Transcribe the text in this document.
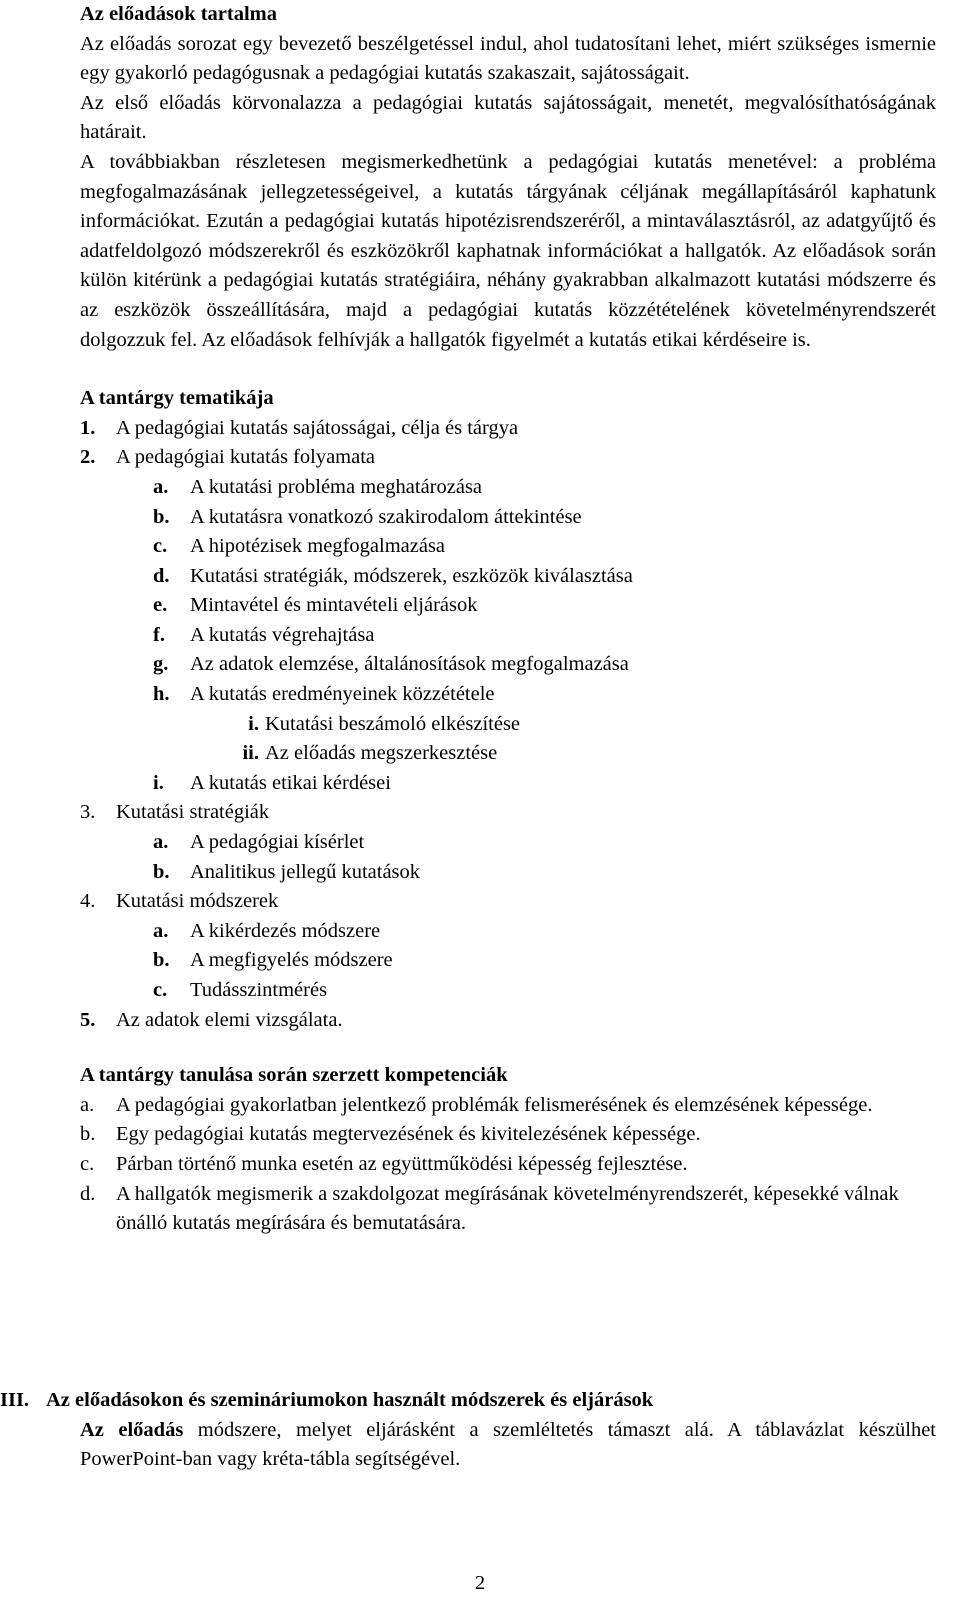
Az előadások tartalma
Az előadás sorozat egy bevezető beszélgetéssel indul, ahol tudatosítani lehet, miért szükséges ismernie egy gyakorló pedagógusnak a pedagógiai kutatás szakaszait, sajátosságait.
Az első előadás körvonalazza a pedagógiai kutatás sajátosságait, menetét, megvalósíthatóságának határait.
A továbbiakban részletesen megismerkedhetünk a pedagógiai kutatás menetével: a probléma megfogalmazásának jellegzetességeivel, a kutatás tárgyának céljának megállapításáról kaphatunk információkat. Ezután a pedagógiai kutatás hipotézisrendszeréről, a mintaválasztásról, az adatgyűjtő és adatfeldolgozó módszerekről és eszközökről kaphatnak információkat a hallgatók. Az előadások során külön kitérünk a pedagógiai kutatás stratégiáira, néhány gyakrabban alkalmazott kutatási módszerre és az eszközök összeállítására, majd a pedagógiai kutatás közzétételének követelményrendszerét dolgozzuk fel. Az előadások felhívják a hallgatók figyelmét a kutatás etikai kérdéseire is.
A tantárgy tematikája
1.	A pedagógiai kutatás sajátosságai, célja és tárgya
2.	A pedagógiai kutatás folyamata
a.	A kutatási probléma meghatározása
b. A kutatásra vonatkozó szakirodalom áttekintése
c.	A hipotézisek megfogalmazása
d. Kutatási stratégiák, módszerek, eszközök kiválasztása
e.	Mintavétel és mintavételi eljárások
f.	A kutatás végrehajtása
g.	Az adatok elemzése, általánosítások megfogalmazása
h. A kutatás eredményeinek közzététele
i. Kutatási beszámoló elkészítése
ii. Az előadás megszerkesztése
i.	A kutatás etikai kérdései
3.	Kutatási stratégiák
a.	A pedagógiai kísérlet
b. Analitikus jellegű kutatások
4.	Kutatási módszerek
a.	A kikérdezés módszere
b. A megfigyelés módszere
c.	Tudásszintmérés
5.	Az adatok elemi vizsgálata.
A tantárgy tanulása során szerzett kompetenciák
a.	A pedagógiai gyakorlatban jelentkező problémák felismerésének és elemzésének képessége.
b.	Egy pedagógiai kutatás megtervezésének és kivitelezésének képessége.
c.	Párban történő munka esetén az együttműködési képesség fejlesztése.
d.	A hallgatók megismerik a szakdolgozat megírásának követelményrendszerét, képesekké válnak önálló kutatás megírására és bemutatására.
III. Az előadásokon és szemináriumokon használt módszerek és eljárások
Az előadás módszere, melyet eljárásként a szemléltetés támaszt alá. A táblavázlat készülhet PowerPoint-ban vagy kréta-tábla segítségével.
2
